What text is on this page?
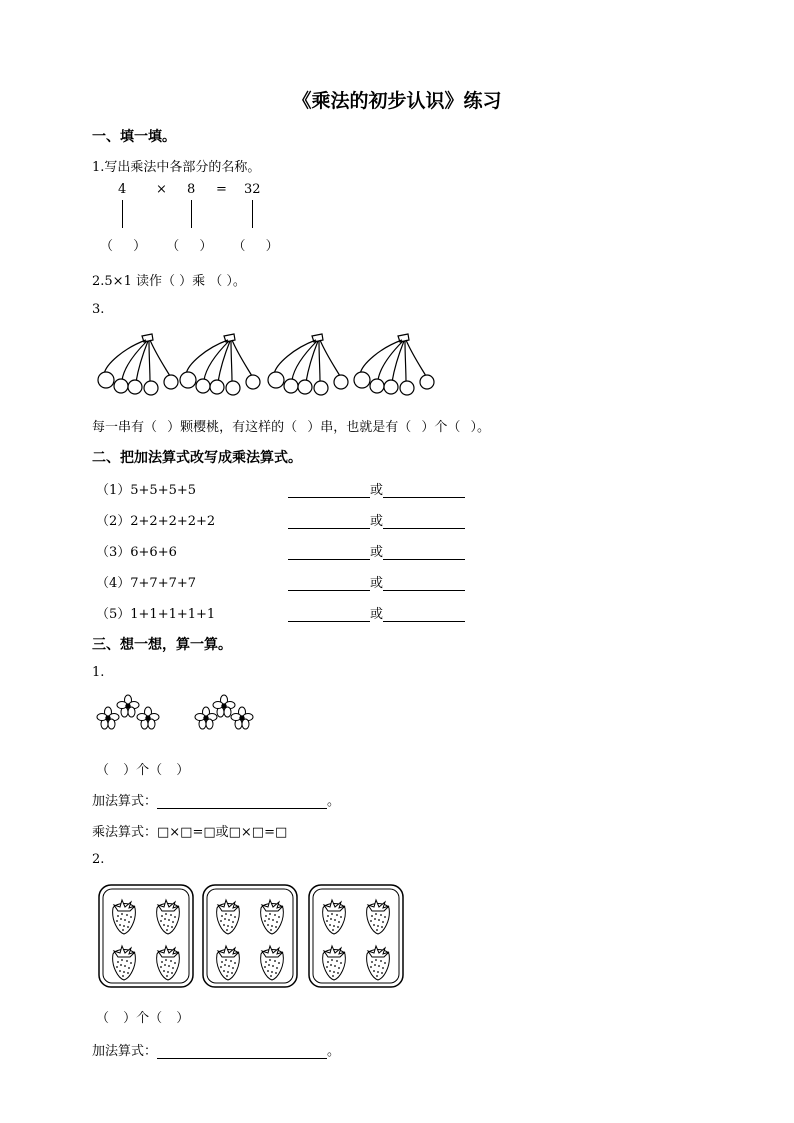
《乘法的初步认识》练习
一、填一填。
1.写出乘法中各部分的名称。
4 × 8 = 32
（ ） （ ） （ ）
2.5×1 读作（ ）乘 （ ）。
3.
每一串有（ ）颗樱桃，有这样的（ ）串，也就是有（ ）个（ ）。
二、把加法算式改写成乘法算式。
（1）5+5+5+5	或
（2）2+2+2+2+2	或
（3）6+6+6	或
（4）7+7+7+7	或
（5）1+1+1+1+1	或
三、想一想，算一算。
1.
（ ）个（ ）
加法算式：	。
乘法算式：□×□=□或□×□=□
2.
（ ）个（ ）
加法算式：	。
